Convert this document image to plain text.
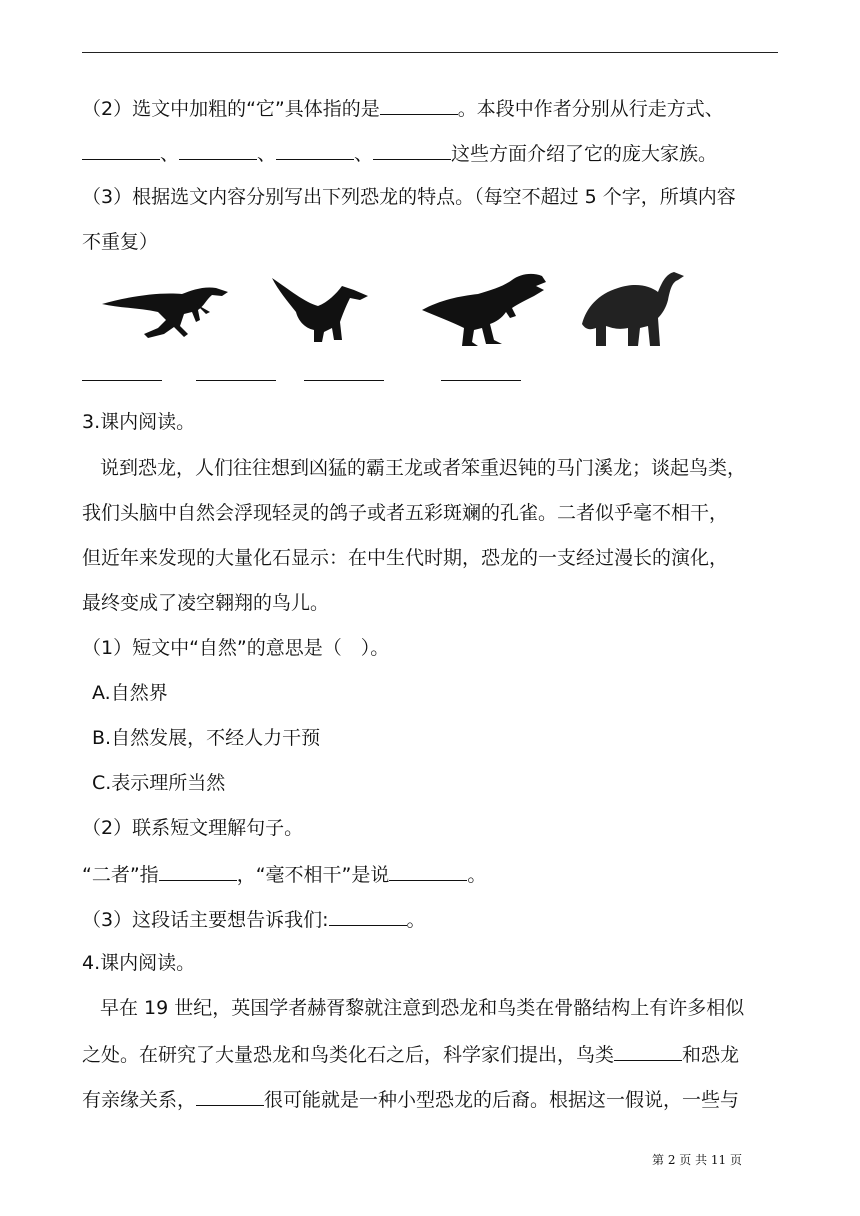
（2）选文中加粗的“它”具体指的是	。本段中作者分别从行走方式、
、	、	、	这些方面介绍了它的庞大家族。
（3）根据选文内容分别写出下列恐龙的特点。（每空不超过 5 个字，所填内容
不重复）
3.课内阅读。
说到恐龙，人们往往想到凶猛的霸王龙或者笨重迟钝的马门溪龙；谈起鸟类，
我们头脑中自然会浮现轻灵的鸽子或者五彩斑斓的孔雀。二者似乎毫不相干，
但近年来发现的大量化石显示：在中生代时期，恐龙的一支经过漫长的演化，
最终变成了凌空翱翔的鸟儿。
（1）短文中“自然”的意思是（　）。
A.自然界
B.自然发展，不经人力干预
C.表示理所当然
（2）联系短文理解句子。
“二者”指	，“毫不相干”是说	。
（3）这段话主要想告诉我们:	。
4.课内阅读。
早在 19 世纪，英国学者赫胥黎就注意到恐龙和鸟类在骨骼结构上有许多相似
之处。在研究了大量恐龙和鸟类化石之后，科学家们提出，鸟类	和恐龙
有亲缘关系，	很可能就是一种小型恐龙的后裔。根据这一假说，一些与
第 2 页 共 11 页
